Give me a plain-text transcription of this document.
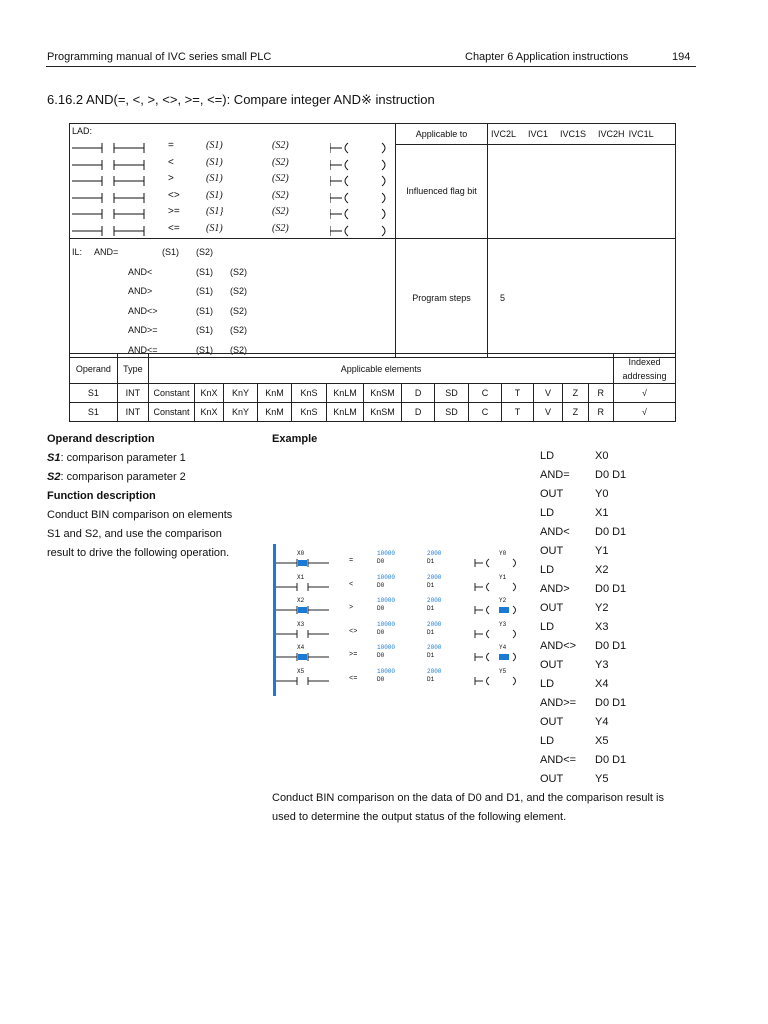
Programming manual of IVC series small PLC	Chapter 6 Application instructions	194
6.16.2 AND(=, <, >, <>, >=, <=): Compare integer AND※ instruction
LAD:
=	(S1)	(S2)
<	(S1)	(S2)
>	(S1)	(S2)
<>	(S1)	(S2)
>=	(S1}	(S2)
<=	(S1)	(S2)

Applicable to	IVC2L IVC1 IVC1S IVC2H IVC1L
Influenced flag bit	

IL: AND=	(S1) (S2)
AND<	(S1) (S2)
AND>	(S1) (S2)
AND<>	(S1) (S2)
AND>=	(S1) (S2)
AND<=	(S1) (S2)

Program steps	5
Operand	Type	Applicable elements														Indexed addressing
S1	INT	Constant	KnX	KnY	KnM	KnS	KnLM	KnSM	D	SD	C	T	V	Z	R	√
S1	INT	Constant	KnX	KnY	KnM	KnS	KnLM	KnSM	D	SD	C	T	V	Z	R	√
Operand description
S1: comparison parameter 1
S2: comparison parameter 2
Function description
Conduct BIN comparison on elements
S1 and S2, and use the comparison
result to drive the following operation.
Example
X0
=
10000
D0
2000
D1
Y0
X1
<
10000
D0
2000
D1
Y1
X2
>
10000
D0
2000
D1
Y2
X3
<>
10000
D0
2000
D1
Y3
X4
>=
10000
D0
2000
D1
Y4
X5
<=
10000
D0
2000
D1
Y5
LD	X0
AND= D0 D1
OUT	Y0
LD	X1
AND< D0 D1
OUT	Y1
LD	X2
AND> D0 D1
OUT	Y2
LD	X3
AND<> D0 D1
OUT	Y3
LD	X4
AND>= D0 D1
OUT	Y4
LD	X5
AND<= D0 D1
OUT	Y5
Conduct BIN comparison on the data of D0 and D1, and the comparison result is
used to determine the output status of the following element.
